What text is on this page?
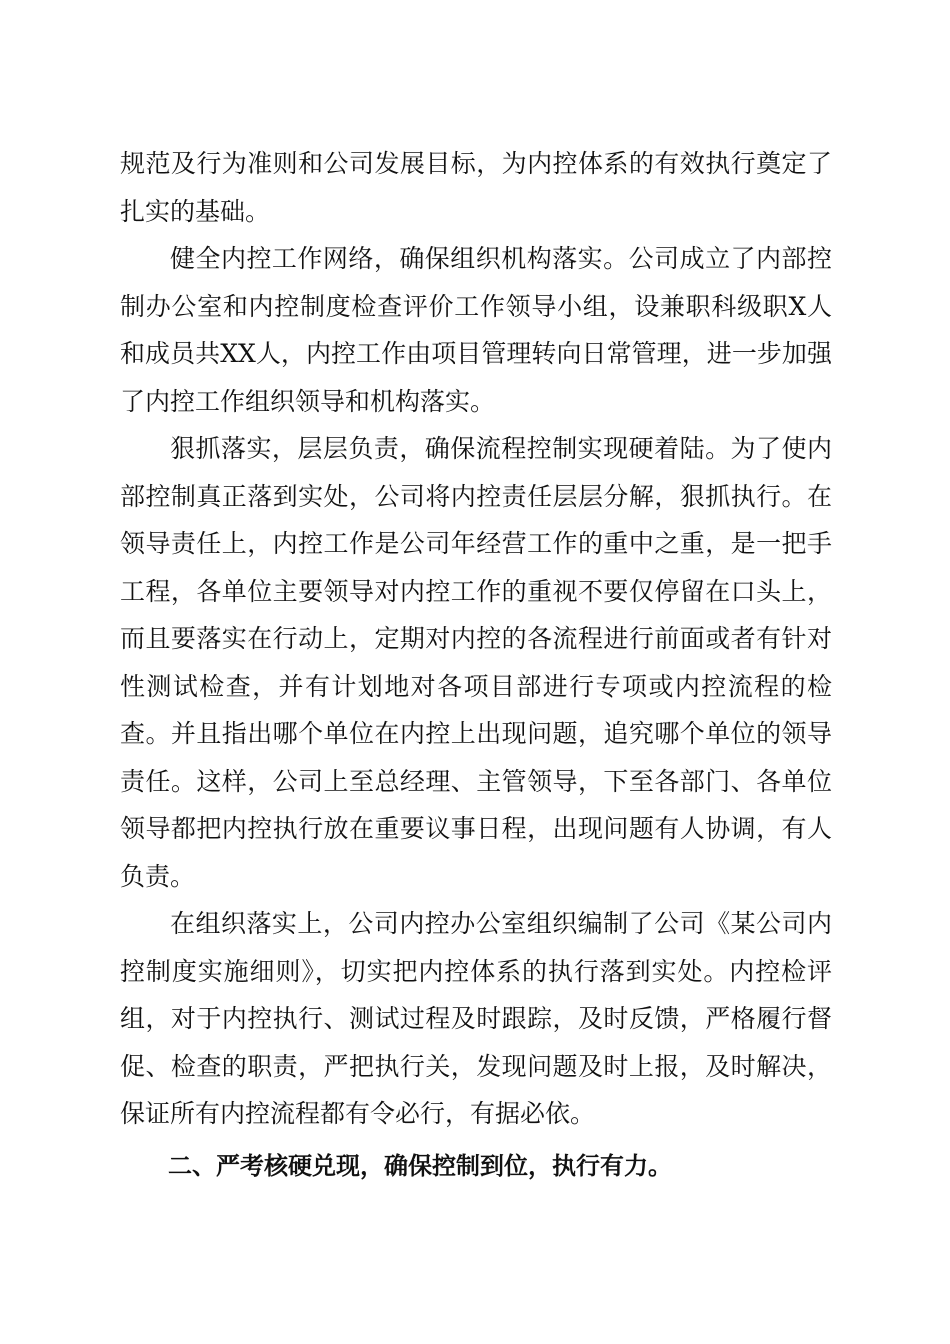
规范及行为准则和公司发展目标，为内控体系的有效执行奠定了扎实的基础。

健全内控工作网络，确保组织机构落实。公司成立了内部控制办公室和内控制度检查评价工作领导小组，设兼职科级职X人和成员共XX人，内控工作由项目管理转向日常管理，进一步加强了内控工作组织领导和机构落实。

狠抓落实，层层负责，确保流程控制实现硬着陆。为了使内部控制真正落到实处，公司将内控责任层层分解，狠抓执行。在领导责任上，内控工作是公司年经营工作的重中之重，是一把手工程，各单位主要领导对内控工作的重视不要仅停留在口头上，而且要落实在行动上，定期对内控的各流程进行前面或者有针对性测试检查，并有计划地对各项目部进行专项或内控流程的检查。并且指出哪个单位在内控上出现问题，追究哪个单位的领导责任。这样，公司上至总经理、主管领导，下至各部门、各单位领导都把内控执行放在重要议事日程，出现问题有人协调，有人负责。

在组织落实上，公司内控办公室组织编制了公司《某公司内控制度实施细则》，切实把内控体系的执行落到实处。内控检评组，对于内控执行、测试过程及时跟踪，及时反馈，严格履行督促、检查的职责，严把执行关，发现问题及时上报，及时解决，保证所有内控流程都有令必行，有据必依。

二、严考核硬兑现，确保控制到位，执行有力。
